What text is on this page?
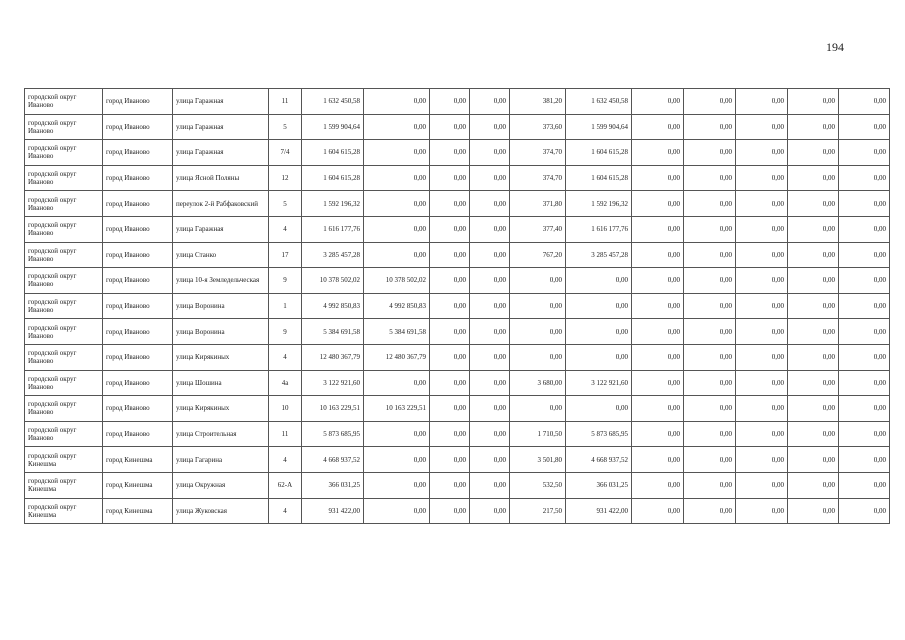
194
городской округ Иваново	город Иваново	улица Гаражная	11	1 632 450,58	0,00	0,00	0,00	381,20	1 632 450,58	0,00	0,00	0,00	0,00	0,00
городской округ Иваново	город Иваново	улица Гаражная	5	1 599 904,64	0,00	0,00	0,00	373,60	1 599 904,64	0,00	0,00	0,00	0,00	0,00
городской округ Иваново	город Иваново	улица Гаражная	7/4	1 604 615,28	0,00	0,00	0,00	374,70	1 604 615,28	0,00	0,00	0,00	0,00	0,00
городской округ Иваново	город Иваново	улица Ясной Поляны	12	1 604 615,28	0,00	0,00	0,00	374,70	1 604 615,28	0,00	0,00	0,00	0,00	0,00
городской округ Иваново	город Иваново	переулок 2-й Рабфаковский	5	1 592 196,32	0,00	0,00	0,00	371,80	1 592 196,32	0,00	0,00	0,00	0,00	0,00
городской округ Иваново	город Иваново	улица Гаражная	4	1 616 177,76	0,00	0,00	0,00	377,40	1 616 177,76	0,00	0,00	0,00	0,00	0,00
городской округ Иваново	город Иваново	улица Станко	17	3 285 457,28	0,00	0,00	0,00	767,20	3 285 457,28	0,00	0,00	0,00	0,00	0,00
городской округ Иваново	город Иваново	улица 10-я Земледельческая	9	10 378 502,02	10 378 502,02	0,00	0,00	0,00	0,00	0,00	0,00	0,00	0,00	0,00
городской округ Иваново	город Иваново	улица Воронина	1	4 992 850,83	4 992 850,83	0,00	0,00	0,00	0,00	0,00	0,00	0,00	0,00	0,00
городской округ Иваново	город Иваново	улица Воронина	9	5 384 691,58	5 384 691,58	0,00	0,00	0,00	0,00	0,00	0,00	0,00	0,00	0,00
городской округ Иваново	город Иваново	улица Кирякиных	4	12 480 367,79	12 480 367,79	0,00	0,00	0,00	0,00	0,00	0,00	0,00	0,00	0,00
городской округ Иваново	город Иваново	улица Шошина	4а	3 122 921,60	0,00	0,00	0,00	3 680,00	3 122 921,60	0,00	0,00	0,00	0,00	0,00
городской округ Иваново	город Иваново	улица Кирякиных	10	10 163 229,51	10 163 229,51	0,00	0,00	0,00	0,00	0,00	0,00	0,00	0,00	0,00
городской округ Иваново	город Иваново	улица Строительная	11	5 873 685,95	0,00	0,00	0,00	1 710,50	5 873 685,95	0,00	0,00	0,00	0,00	0,00
городской округ Кинешма	город Кинешма	улица Гагарина	4	4 668 937,52	0,00	0,00	0,00	3 501,80	4 668 937,52	0,00	0,00	0,00	0,00	0,00
городской округ Кинешма	город Кинешма	улица Окружная	62-А	366 031,25	0,00	0,00	0,00	532,50	366 031,25	0,00	0,00	0,00	0,00	0,00
городской округ Кинешма	город Кинешма	улица Жуковская	4	931 422,00	0,00	0,00	0,00	217,50	931 422,00	0,00	0,00	0,00	0,00	0,00
